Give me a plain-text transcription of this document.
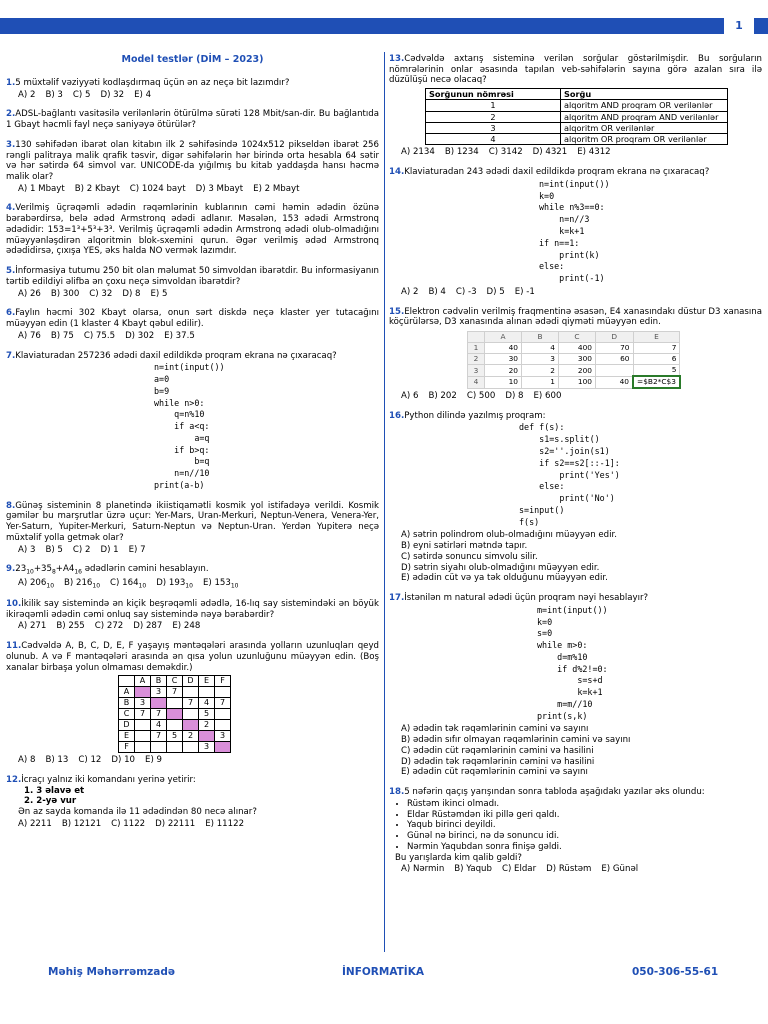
1
Model testlər (DİM – 2023)
1.5 müxtəlif vəziyyəti kodlaşdırmaq üçün ən az neçə bit lazımdır?
A) 2 B) 3 C) 5 D) 32 E) 4
2.ADSL-bağlantı vasitəsilə verilənlərin ötürülmə sürəti 128 Mbit/san-dir. Bu bağlantıda 1 Gbayt həcmli fayl neçə saniyəyə ötürülər?
3.130 səhifədən ibarət olan kitabın ilk 2 səhifəsində 1024x512 pikseldən ibarət 256 rəngli palitraya malik qrafik təsvir, digər səhifələrin hər birində orta hesabla 64 sətir və hər sətirdə 64 simvol var. UNICODE-da yığılmış bu kitab yaddaşda hansı həcmə malik olar?
A) 1 Mbayt B) 2 Kbayt C) 1024 bayt D) 3 Mbayt E) 2 Mbayt
4.Verilmiş üçrəqəmli ədədin rəqəmlərinin kublarının cəmi həmin ədədin özünə bərabərdirsə, belə ədəd Armstronq ədədi adlanır. Məsələn, 153 ədədi Armstronq ədədidir: 153=1³+5³+3³. Verilmiş üçrəqəmli ədədin Armstronq ədədi olub-olmadığını müəyyənləşdirən alqoritmin blok-sxemini qurun. Əgər verilmiş ədəd Armstronq ədədidirsə, çıxışa YES, əks halda NO vermək lazımdır.
5.İnformasiya tutumu 250 bit olan məlumat 50 simvoldan ibarətdir. Bu informasiyanın tərtib edildiyi əlifba ən çoxu neçə simvoldan ibarətdir?
A) 26 B) 300 C) 32 D) 8 E) 5
6.Faylın həcmi 302 Kbayt olarsa, onun sərt diskdə neçə klaster yer tutacağını müəyyən edin (1 klaster 4 Kbayt qəbul edilir).
A) 76 B) 75 C) 75.5 D) 302 E) 37.5
7.Klaviaturadan 257236 ədədi daxil edildikdə proqram ekrana nə çıxaracaq?
n=int(input())
a=0
b=9
while n>0:
q=n%10
if a<q:
a=q
if b>q:
b=q
n=n//10
print(a-b)
8.Günəş sisteminin 8 planetində ikiistiqamətli kosmik yol istifadəyə verildi. Kosmik gəmilər bu marşrutlar üzrə uçur: Yer-Mars, Uran-Merkuri, Neptun-Venera, Venera-Yer, Yer-Saturn, Yupiter-Merkuri, Saturn-Neptun və Neptun-Uran. Yerdən Yupiterə neçə müxtəlif yolla getmək olar?
A) 3 B) 5 C) 2 D) 1 E) 7
$9.23_{10}+35_8+A4_{16}$ ədədlərin cəmini hesablayın.
A) $206_{10}$ B) $216_{10}$ C) $164_{10}$ D) $193_{10}$ E) $153_{10}$
10.İkilik say sistemində ən kiçik beşrəqəmli ədədlə, 16-lıq say sistemindəki ən böyük ikirəqəmli ədədin cəmi onluq say sistemində nəyə bərabərdir?
A) 271 B) 255 C) 272 D) 287 E) 248
11.Cədvəldə A, B, C, D, E, F yaşayış məntəqələri arasında yolların uzunluqları qeyd olunub. A və F məntəqələri arasında ən qısa yolun uzunluğunu müəyyən edin. (Boş xanalar birbaşa yolun olmaması deməkdir.)
	A	B	C	D	E	F
A		3	7			
B	3			7	4	7
C	7	7			5	
D		4			2	
E		7	5	2		3
F					3	
A) 8 B) 13 C) 12 D) 10 E) 9
12.İcraçı yalnız iki komandanı yerinə yetirir:
1. 3 əlavə et
2. 2-yə vur
Ən az sayda komanda ilə 11 ədədindən 80 necə alınar?
A) 2211 B) 12121 C) 1122 D) 22111 E) 11122
13.Cədvəldə axtarış sisteminə verilən sorğular göstərilmişdir. Bu sorğuların nömrələrinin onlar əsasında tapılan veb-səhifələrin sayına görə azalan sıra ilə düzülüşü necə olacaq?
Sorğunun nömrəsi	Sorğu
1	alqoritm AND proqram OR verilənlər
2	alqoritm AND proqram AND verilənlər
3	alqoritm OR verilənlər
4	alqoritm OR proqram OR verilənlər
A) 2134 B) 1234 C) 3142 D) 4321 E) 4312
14.Klaviaturadan 243 ədədi daxil edildikdə proqram ekrana nə çıxaracaq?
n=int(input())
k=0
while n%3==0:
n=n//3
k=k+1
if n==1:
print(k)
else:
print(-1)
A) 2 B) 4 C) -3 D) 5 E) -1
15.Elektron cədvəlin verilmiş fraqmentinə əsasən, E4 xanasındakı düstur D3 xanasına köçürülərsə, D3 xanasında alınan ədədi qiyməti müəyyən edin.
	A	B	C	D	E
1	40	4	400	70	7
2	30	3	300	60	6
3	20	2	200		5
4	10	1	100	40	=$B2*C$3
A) 6 B) 202 C) 500 D) 8 E) 600
16.Python dilində yazılmış proqram:
def f(s):
s1=s.split()
s2=''.join(s1)
if s2==s2[::-1]:
print('Yes')
else:
print('No')
s=input()
f(s)
A) sətrin polindrom olub-olmadığını müəyyən edir.
B) eyni sətirləri mətndə tapır.
C) sətirdə sonuncu simvolu silir.
D) sətrin siyahı olub-olmadığını müəyyən edir.
E) ədədin cüt və ya tək olduğunu müəyyən edir.
17.İstənilən m natural ədədi üçün proqram nəyi hesablayır?
m=int(input())
k=0
s=0
while m>0:
d=m%10
if d%2!=0:
s=s+d
k=k+1
m=m//10
print(s,k)
A) ədədin tək rəqəmlərinin cəmini və sayını
B) ədədin sıfır olmayan rəqəmlərinin cəmini və sayını
C) ədədin cüt rəqəmlərinin cəmini və hasilini
D) ədədin tək rəqəmlərinin cəmini və hasilini
E) ədədin cüt rəqəmlərinin cəmini və sayını
18.5 nəfərin qaçış yarışından sonra tabloda aşağıdakı yazılar əks olundu:
• Rüstəm ikinci olmadı.
• Eldar Rüstəmdən iki pillə geri qaldı.
• Yaqub birinci deyildi.
• Günəl nə birinci, nə də sonuncu idi.
• Nərmin Yaqubdan sonra finişə gəldi.
Bu yarışlarda kim qalib gəldi?
A) Nərmin B) Yaqub C) Eldar D) Rüstəm E) Günəl
Məhiş Məhərrəmzadə	İNFORMATİKA	050-306-55-61
